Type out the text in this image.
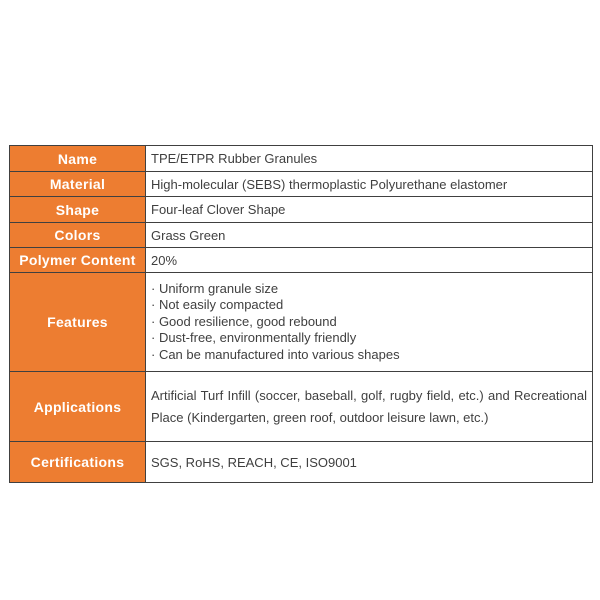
Name	TPE/ETPR Rubber Granules
Material	High-molecular (SEBS) thermoplastic Polyurethane elastomer
Shape	Four-leaf Clover Shape
Colors	Grass Green
Polymer Content	20%
Features	· Uniform granule size
· Not easily compacted
· Good resilience, good rebound
· Dust-free, environmentally friendly
· Can be manufactured into various shapes

Applications	Artificial Turf Infill (soccer, baseball, golf, rugby field, etc.) and Recreational Place (Kindergarten, green roof, outdoor leisure lawn, etc.)
Certifications	SGS, RoHS, REACH, CE, ISO9001
